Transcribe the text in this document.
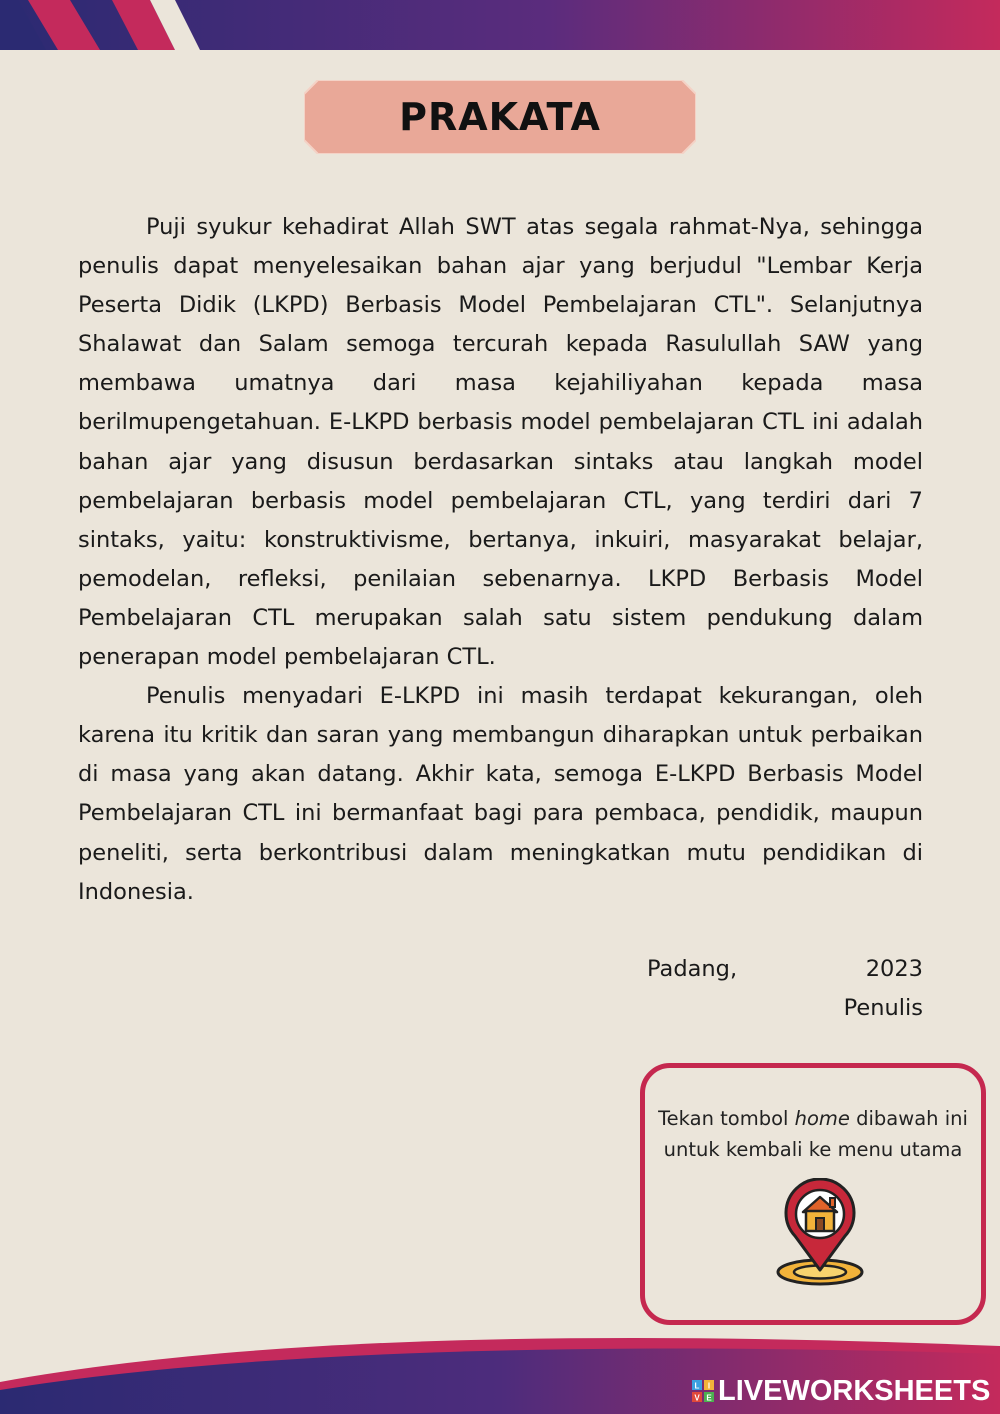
PRAKATA

Puji syukur kehadirat Allah SWT atas segala rahmat-Nya, sehingga penulis dapat menyelesaikan bahan ajar yang berjudul "Lembar Kerja Peserta Didik (LKPD) Berbasis Model Pembelajaran CTL". Selanjutnya Shalawat dan Salam semoga tercurah kepada Rasulullah SAW yang membawa umatnya dari masa kejahiliyahan kepada masa berilmupengetahuan. E-LKPD berbasis model pembelajaran CTL ini adalah bahan ajar yang disusun berdasarkan sintaks atau langkah model pembelajaran berbasis model pembelajaran CTL, yang terdiri dari 7 sintaks, yaitu: konstruktivisme, bertanya, inkuiri, masyarakat belajar, pemodelan, refleksi, penilaian sebenarnya. LKPD Berbasis Model Pembelajaran CTL merupakan salah satu sistem pendukung dalam penerapan model pembelajaran CTL.

Penulis menyadari E-LKPD ini masih terdapat kekurangan, oleh karena itu kritik dan saran yang membangun diharapkan untuk perbaikan di masa yang akan datang. Akhir kata, semoga E-LKPD Berbasis Model Pembelajaran CTL ini bermanfaat bagi para pembaca, pendidik, maupun peneliti, serta berkontribusi dalam meningkatkan mutu pendidikan di Indonesia.

Padang,	2023
Penulis
Tekan tombol home dibawah ini
untuk kembali ke menu utama
L I
V E LIVEWORKSHEETS
